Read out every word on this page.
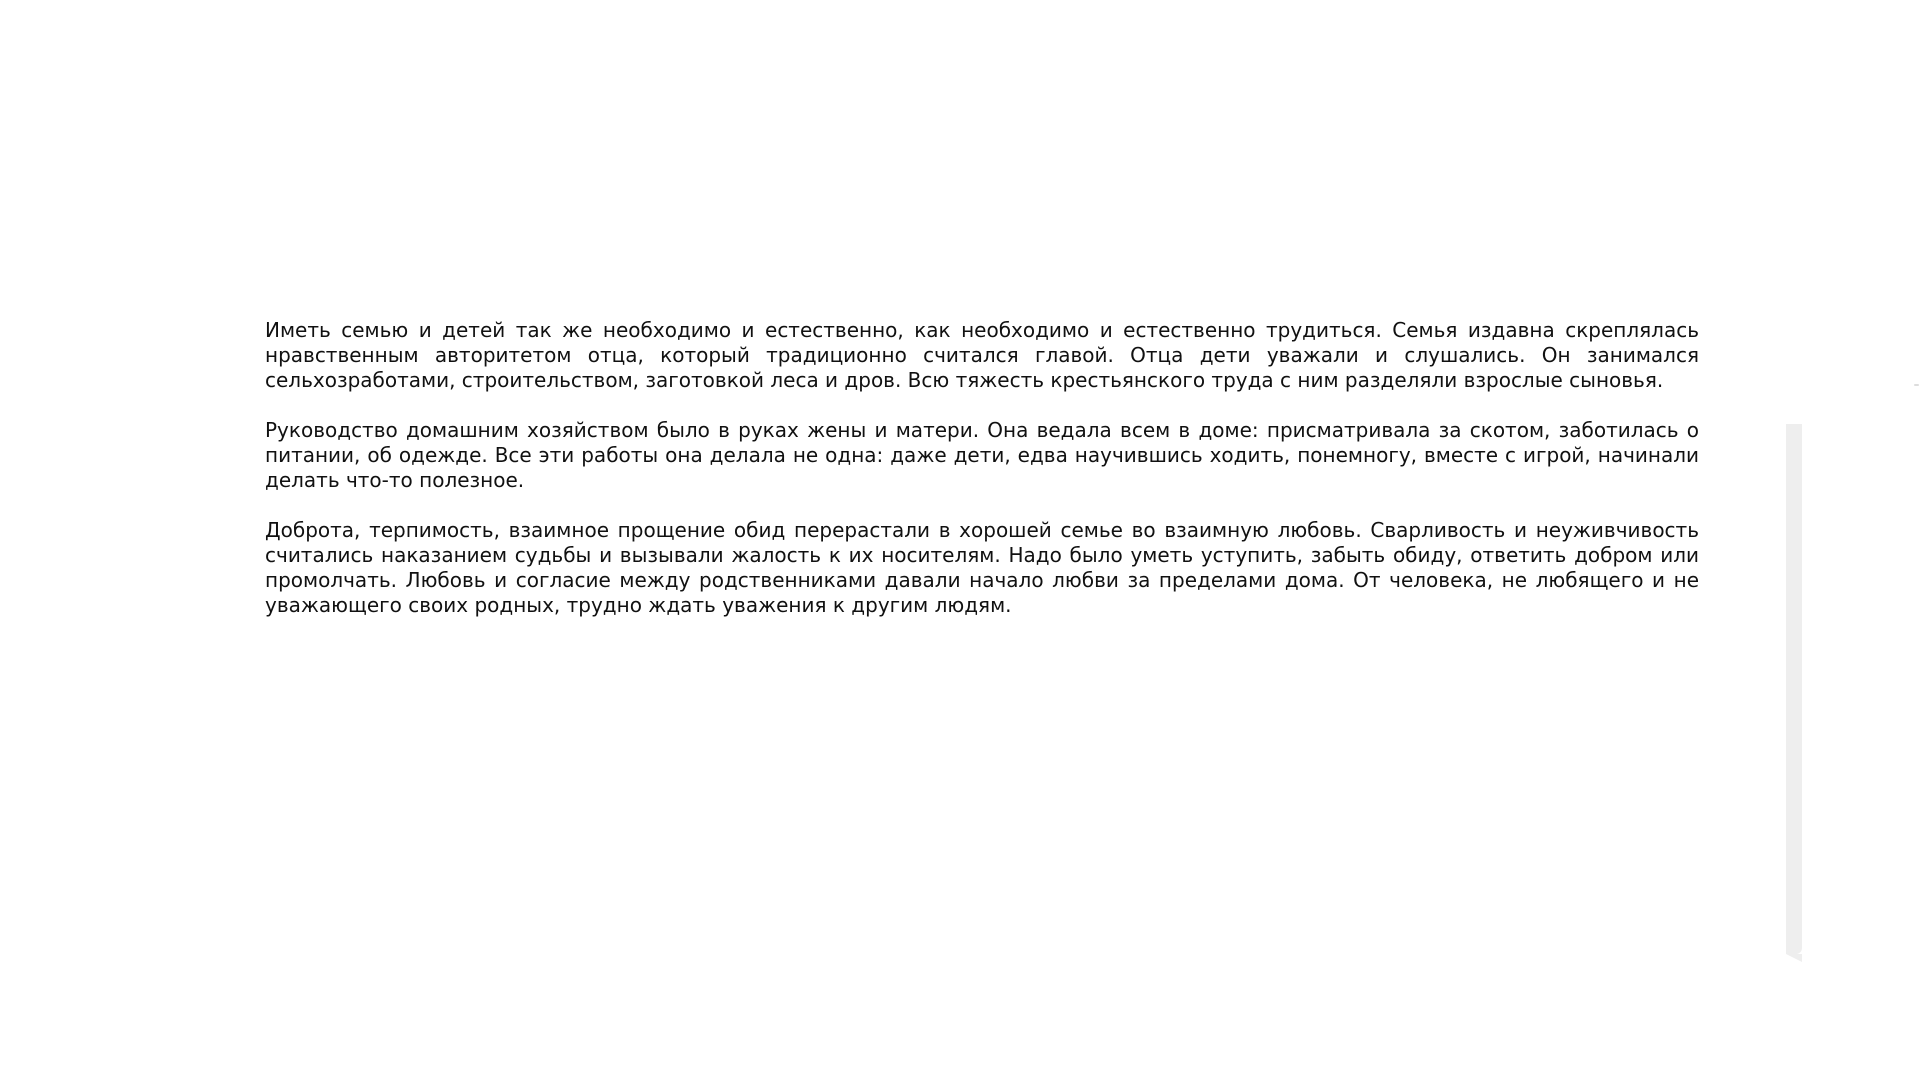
Иметь семью и детей так же необходимо и естественно, как необходимо и естественно трудиться. Семья издавна скреплялась нравственным авторитетом отца, который традиционно считался главой. Отца дети уважали и слушались. Он занимался сельхозработами, строительством, заготовкой леса и дров. Всю тяжесть крестьянского труда с ним разделяли взрослые сыновья.

Руководство домашним хозяйством было в руках жены и матери. Она ведала всем в доме: присматривала за скотом, заботилась о питании, об одежде. Все эти работы она делала не одна: даже дети, едва научившись ходить, понемногу, вместе с игрой, начинали делать что-то полезное.

Доброта, терпимость, взаимное прощение обид перерастали в хорошей семье во взаимную любовь. Сварливость и неуживчивость считались наказанием судьбы и вызывали жалость к их носителям. Надо было уметь уступить, забыть обиду, ответить добром или промолчать. Любовь и согласие между родственниками давали начало любви за пределами дома. От человека, не любящего и не уважающего своих родных, трудно ждать уважения к другим людям.
